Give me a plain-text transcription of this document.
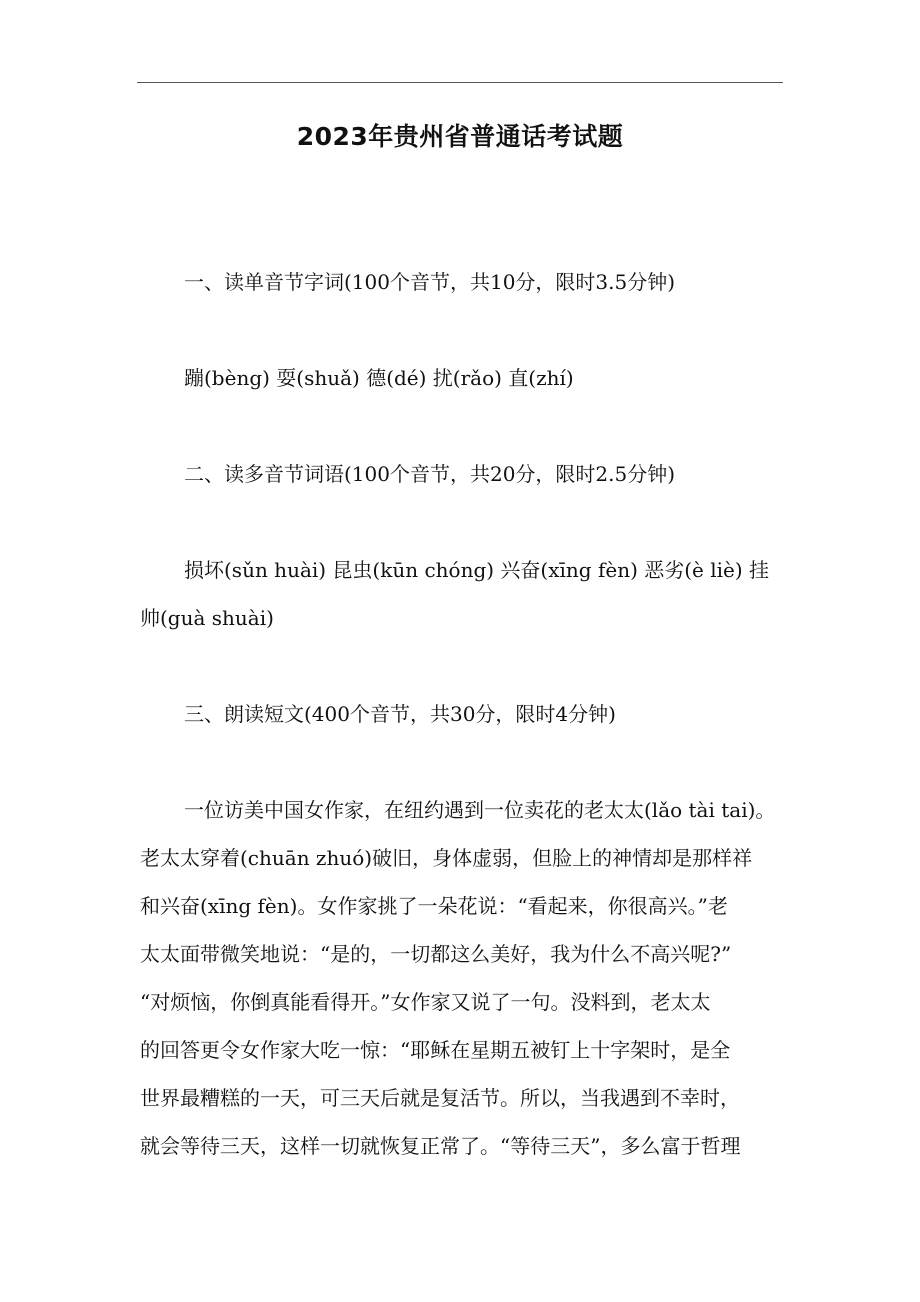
2023年贵州省普通话考试题
一、读单音节字词(100个音节，共10分，限时3.5分钟)
蹦(bèng) 耍(shuǎ) 德(dé) 扰(rǎo) 直(zhí)
二、读多音节词语(100个音节，共20分，限时2.5分钟)
损坏(sǔn huài) 昆虫(kūn chóng) 兴奋(xīng fèn) 恶劣(è liè) 挂帅(guà shuài)
三、朗读短文(400个音节，共30分，限时4分钟)
一位访美中国女作家，在纽约遇到一位卖花的老太太(lǎo tài tai)。
老太太穿着(chuān zhuó)破旧，身体虚弱，但脸上的神情却是那样祥
和兴奋(xīng fèn)。女作家挑了一朵花说：“看起来，你很高兴。”老
太太面带微笑地说：“是的，一切都这么美好，我为什么不高兴呢?”
“对烦恼，你倒真能看得开。”女作家又说了一句。没料到，老太太
的回答更令女作家大吃一惊：“耶稣在星期五被钉上十字架时，是全
世界最糟糕的一天，可三天后就是复活节。所以，当我遇到不幸时，
就会等待三天，这样一切就恢复正常了。“等待三天”，多么富于哲理
